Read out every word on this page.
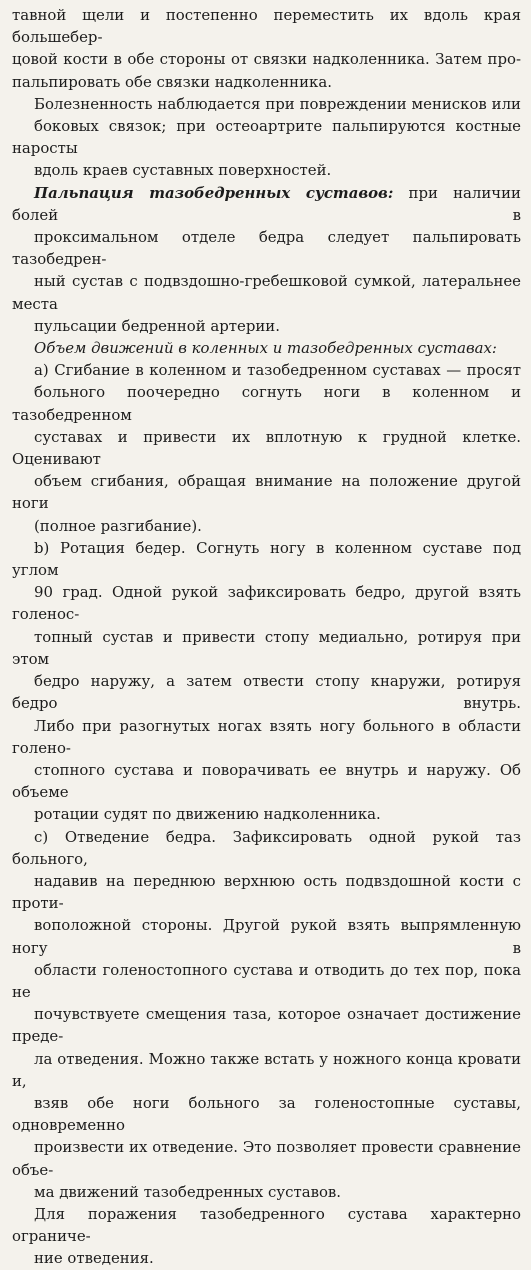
тавной щели и постепенно переместить их вдоль края большебер-
цовой кости в обе стороны от связки надколенника. Затем про-
пальпировать обе связки надколенника.

Болезненность наблюдается при повреждении менисков или
боковых связок; при остеоартрите пальпируются костные наросты
вдоль краев суставных поверхностей.

Пальпация тазобедренных суставов: при наличии болей в
проксимальном отделе бедра следует пальпировать тазобедрен-
ный сустав с подвздошно-гребешковой сумкой, латеральнее места
пульсации бедренной артерии.

Объем движений в коленных и тазобедренных суставах:

а) Сгибание в коленном и тазобедренном суставах — просят
больного поочередно согнуть ноги в коленном и тазобедренном
суставах и привести их вплотную к грудной клетке. Оценивают
объем сгибания, обращая внимание на положение другой ноги
(полное разгибание).

b) Ротация бедер. Согнуть ногу в коленном суставе под углом
90 град. Одной рукой зафиксировать бедро, другой взять голенос-
топный сустав и привести стопу медиально, ротируя при этом
бедро наружу, а затем отвести стопу кнаружи, ротируя бедро внутрь.
Либо при разогнутых ногах взять ногу больного в области голено-
стопного сустава и поворачивать ее внутрь и наружу. Об объеме
ротации судят по движению надколенника.

c) Отведение бедра. Зафиксировать одной рукой таз больного,
надавив на переднюю верхнюю ость подвздошной кости с проти-
воположной стороны. Другой рукой взять выпрямленную ногу в
области голеностопного сустава и отводить до тех пор, пока не
почувствуете смещения таза, которое означает достижение преде-
ла отведения. Можно также встать у ножного конца кровати и,
взяв обе ноги больного за голеностопные суставы, одновременно
произвести их отведение. Это позволяет провести сравнение объе-
ма движений тазобедренных суставов.

Для поражения тазобедренного сустава характерно ограниче-
ние отведения.
